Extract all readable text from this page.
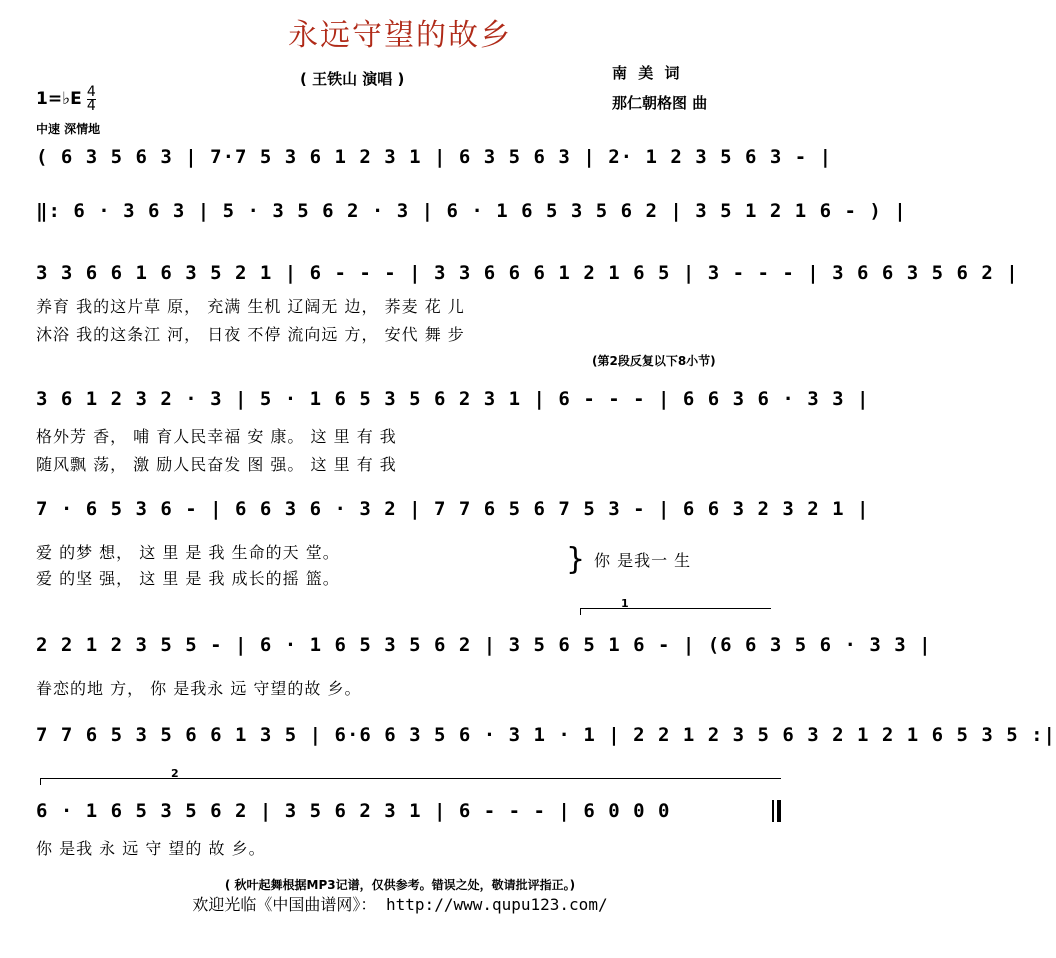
永远守望的故乡
( 王铁山 演唱 )	南 美 词
那仁朝格图 曲
1=♭E $\frac{4}{4}$
中速 深情地
( 6 3 5 6 3 | 7·7 5 3 6 1 2 3 1 | 6 3 5 6 3 | 2· 1 2 3 5 6 3 - |
‖: 6 · 3 6 3 | 5 · 3 5 6 2 · 3 | 6 · 1 6 5 3 5 6 2 | 3 5 1 2 1 6 - ) |
3 3 6 6 1 6 3 5 2 1 | 6 - - - | 3 3 6 6 6 1 2 1 6 5 | 3 - - - | 3 6 6 3 5 6 2 |
养育 我的这片草 原， 充满 生机 辽阔无 边， 荞麦 花 儿
沐浴 我的这条江 河， 日夜 不停 流向远 方， 安代 舞 步
(第2段反复以下8小节)
3 6 1 2 3 2 · 3 | 5 · 1 6 5 3 5 6 2 3 1 | 6 - - - | 6 6 3 6 · 3 3 |
格外芳 香， 哺 育人民幸福 安 康。 这 里 有 我
随风飘 荡， 激 励人民奋发 图 强。 这 里 有 我
7 · 6 5 3 6 - | 6 6 3 6 · 3 2 | 7 7 6 5 6 7 5 3 - | 6 6 3 2 3 2 1 |
爱 的梦 想， 这 里 是 我 生命的天 堂。
爱 的坚 强， 这 里 是 我 成长的摇 篮。
} 你 是我一 生
1
2 2 1 2 3 5 5 - | 6 · 1 6 5 3 5 6 2 | 3 5 6 5 1 6 - | (6 6 3 5 6 · 3 3 |
眷恋的地 方， 你 是我永 远 守望的故 乡。
7 7 6 5 3 5 6 6 1 3 5 | 6·6 6 3 5 6 · 3 1 · 1 | 2 2 1 2 3 5 6 3 2 1 2 1 6 5 3 5 :|
2
6 · 1 6 5 3 5 6 2 | 3 5 6 2 3 1 | 6 - - - | 6 0 0 0
你 是我 永 远 守 望的 故 乡。
( 秋叶起舞根据MP3记谱，仅供参考。错误之处，敬请批评指正。)
欢迎光临《中国曲谱网》： http://www.qupu123.com/
